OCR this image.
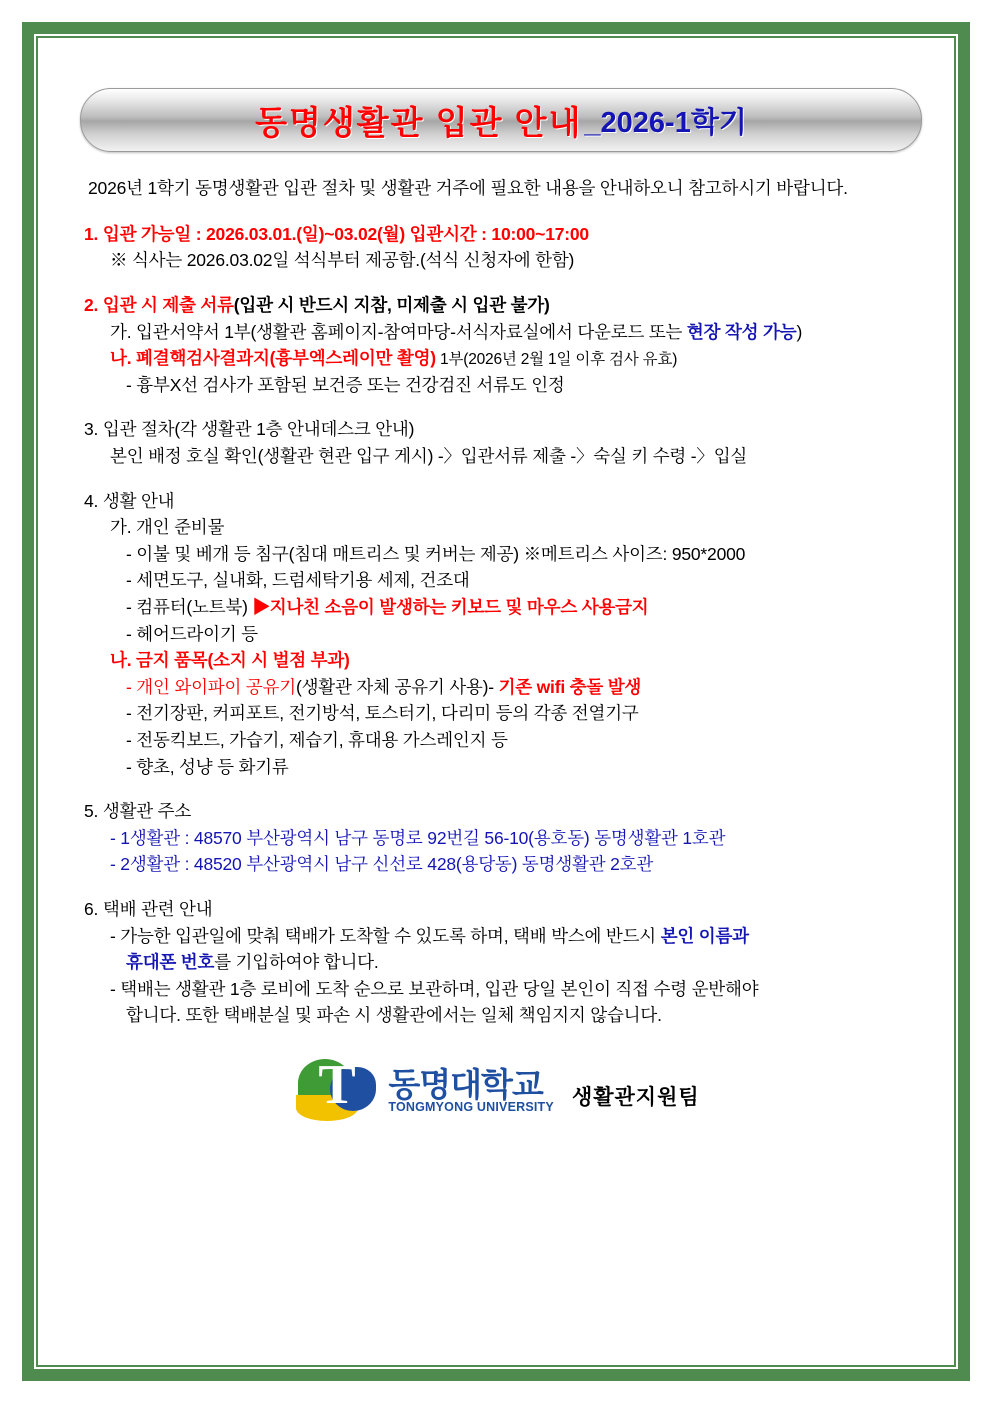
동명생활관 입관 안내 _2026-1학기
2026년 1학기 동명생활관 입관 절차 및 생활관 거주에 필요한 내용을 안내하오니 참고하시기 바랍니다.
1. 입관 가능일 : 2026.03.01.(일)~03.02(월) 입관시간 : 10:00~17:00
※ 식사는 2026.03.02일 석식부터 제공함.(석식 신청자에 한함)
2. 입관 시 제출 서류(입관 시 반드시 지참, 미제출 시 입관 불가)
가. 입관서약서 1부(생활관 홈페이지-참여마당-서식자료실에서 다운로드 또는 현장 작성 가능)
나. 폐결핵검사결과지(흉부엑스레이만 촬영) 1부(2026년 2월 1일 이후 검사 유효)
- 흉부X선 검사가 포함된 보건증 또는 건강검진 서류도 인정
3. 입관 절차(각 생활관 1층 안내데스크 안내)
본인 배정 호실 확인(생활관 현관 입구 게시) -〉입관서류 제출 -〉숙실 키 수령 -〉입실
4. 생활 안내
가. 개인 준비물
- 이불 및 베개 등 침구(침대 매트리스 및 커버는 제공) ※메트리스 사이즈: 950*2000
- 세면도구, 실내화, 드럼세탁기용 세제, 건조대
- 컴퓨터(노트북) ▶지나친 소음이 발생하는 키보드 및 마우스 사용금지
- 헤어드라이기 등
나. 금지 품목(소지 시 벌점 부과)
- 개인 와이파이 공유기(생활관 자체 공유기 사용)- 기존 wifi 충돌 발생
- 전기장판, 커피포트, 전기방석, 토스터기, 다리미 등의 각종 전열기구
- 전동킥보드, 가습기, 제습기, 휴대용 가스레인지 등
- 향초, 성냥 등 화기류
5. 생활관 주소
- 1생활관 : 48570 부산광역시 남구 동명로 92번길 56-10(용호동) 동명생활관 1호관
- 2생활관 : 48520 부산광역시 남구 신선로 428(용당동) 동명생활관 2호관
6. 택배 관련 안내
- 가능한 입관일에 맞춰 택배가 도착할 수 있도록 하며, 택배 박스에 반드시 본인 이름과
휴대폰 번호를 기입하여야 합니다.
- 택배는 생활관 1층 로비에 도착 순으로 보관하며, 입관 당일 본인이 직접 수령 운반해야
합니다. 또한 택배분실 및 파손 시 생활관에서는 일체 책임지지 않습니다.
T 동명대학교
TONGMYONG UNIVERSITY 생활관지원팀
